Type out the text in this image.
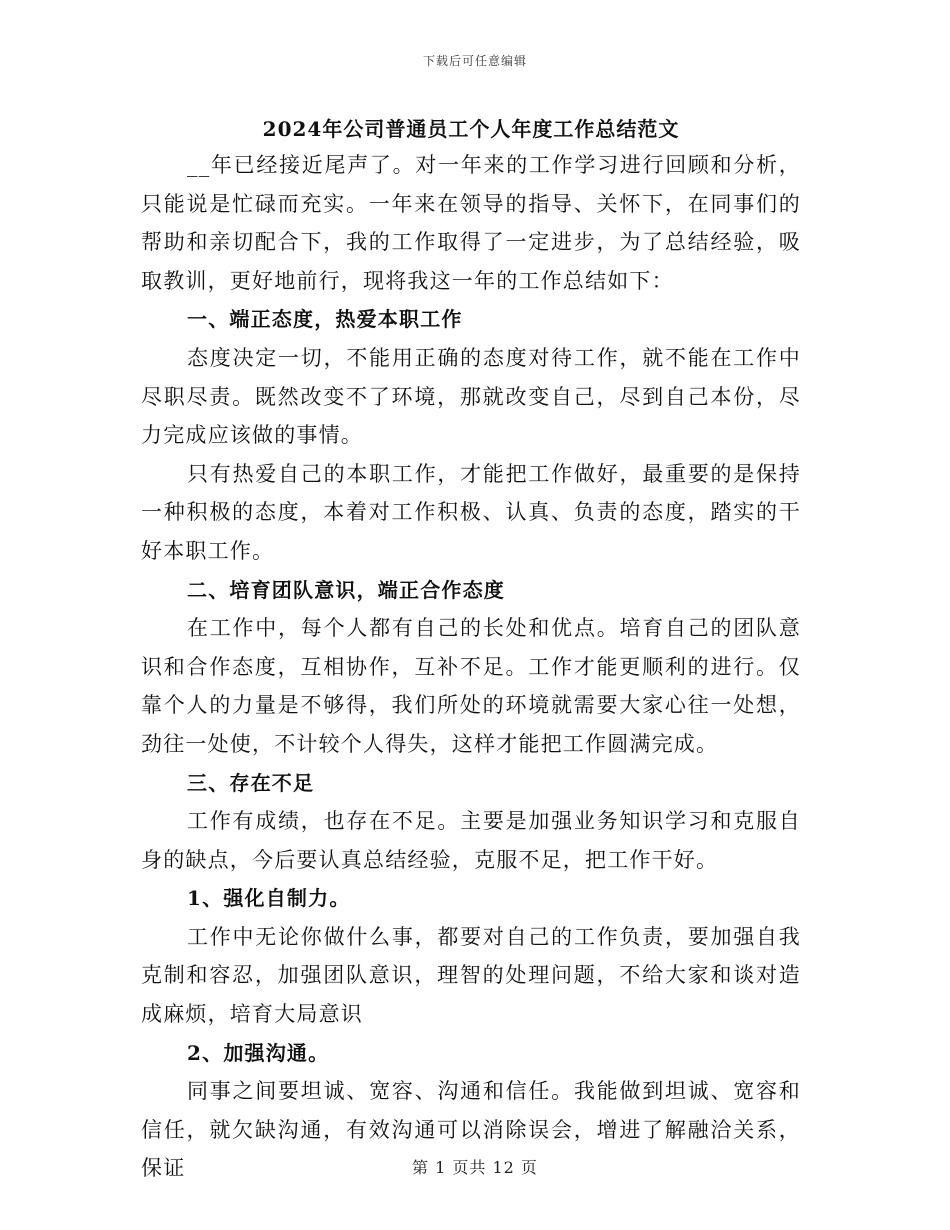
下载后可任意编辑
2024年公司普通员工个人年度工作总结范文

__年已经接近尾声了。对一年来的工作学习进行回顾和分析，只能说是忙碌而充实。一年来在领导的指导、关怀下，在同事们的帮助和亲切配合下，我的工作取得了一定进步，为了总结经验，吸取教训，更好地前行，现将我这一年的工作总结如下：

一、端正态度，热爱本职工作

态度决定一切，不能用正确的态度对待工作，就不能在工作中尽职尽责。既然改变不了环境，那就改变自己，尽到自己本份，尽力完成应该做的事情。

只有热爱自己的本职工作，才能把工作做好，最重要的是保持一种积极的态度，本着对工作积极、认真、负责的态度，踏实的干好本职工作。

二、培育团队意识，端正合作态度

在工作中，每个人都有自己的长处和优点。培育自己的团队意识和合作态度，互相协作，互补不足。工作才能更顺利的进行。仅靠个人的力量是不够得，我们所处的环境就需要大家心往一处想，劲往一处使，不计较个人得失，这样才能把工作圆满完成。

三、存在不足

工作有成绩，也存在不足。主要是加强业务知识学习和克服自身的缺点，今后要认真总结经验，克服不足，把工作干好。

1、强化自制力。

工作中无论你做什么事，都要对自己的工作负责，要加强自我克制和容忍，加强团队意识，理智的处理问题，不给大家和谈对造成麻烦，培育大局意识

2、加强沟通。

同事之间要坦诚、宽容、沟通和信任。我能做到坦诚、宽容和信任，就欠缺沟通，有效沟通可以消除误会，增进了解融洽关系，保证	第 1 页共 12 页
